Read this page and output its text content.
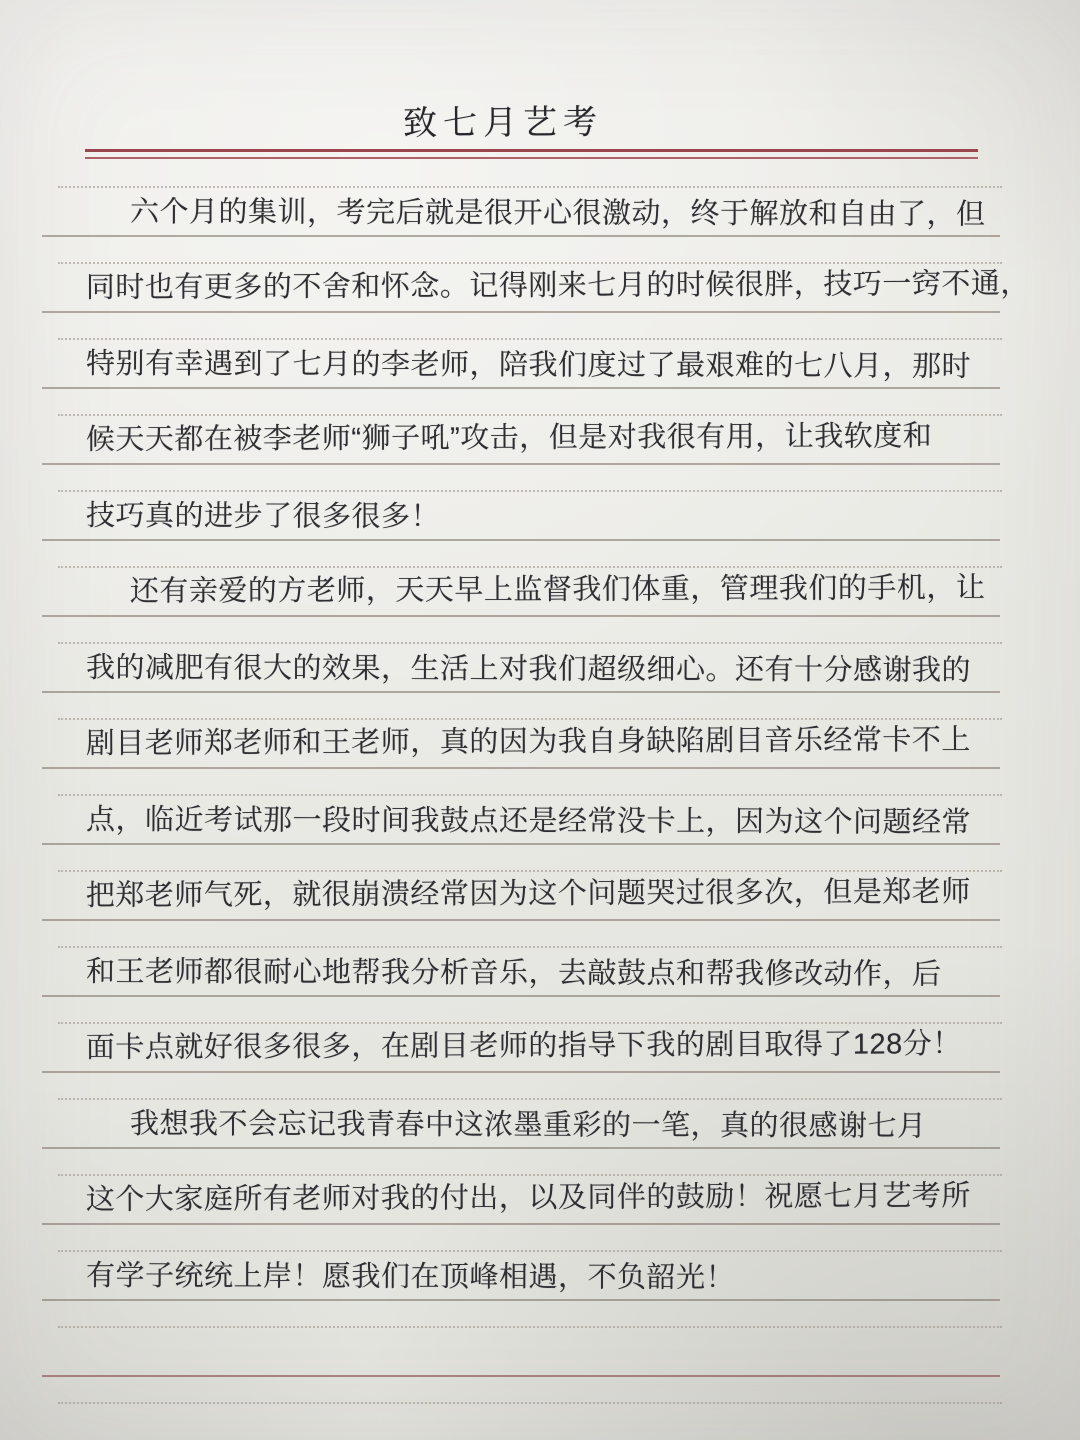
致七月艺考
六个月的集训，考完后就是很开心很激动，终于解放和自由了，但
同时也有更多的不舍和怀念。记得刚来七月的时候很胖，技巧一窍不通，
特别有幸遇到了七月的李老师，陪我们度过了最艰难的七八月，那时
候天天都在被李老师“狮子吼”攻击，但是对我很有用，让我软度和
技巧真的进步了很多很多！
还有亲爱的方老师，天天早上监督我们体重，管理我们的手机，让
我的减肥有很大的效果，生活上对我们超级细心。还有十分感谢我的
剧目老师郑老师和王老师，真的因为我自身缺陷剧目音乐经常卡不上
点，临近考试那一段时间我鼓点还是经常没卡上，因为这个问题经常
把郑老师气死，就很崩溃经常因为这个问题哭过很多次，但是郑老师
和王老师都很耐心地帮我分析音乐，去敲鼓点和帮我修改动作，后
面卡点就好很多很多，在剧目老师的指导下我的剧目取得了128分！
我想我不会忘记我青春中这浓墨重彩的一笔，真的很感谢七月
这个大家庭所有老师对我的付出，以及同伴的鼓励！祝愿七月艺考所
有学子统统上岸！愿我们在顶峰相遇，不负韶光！
